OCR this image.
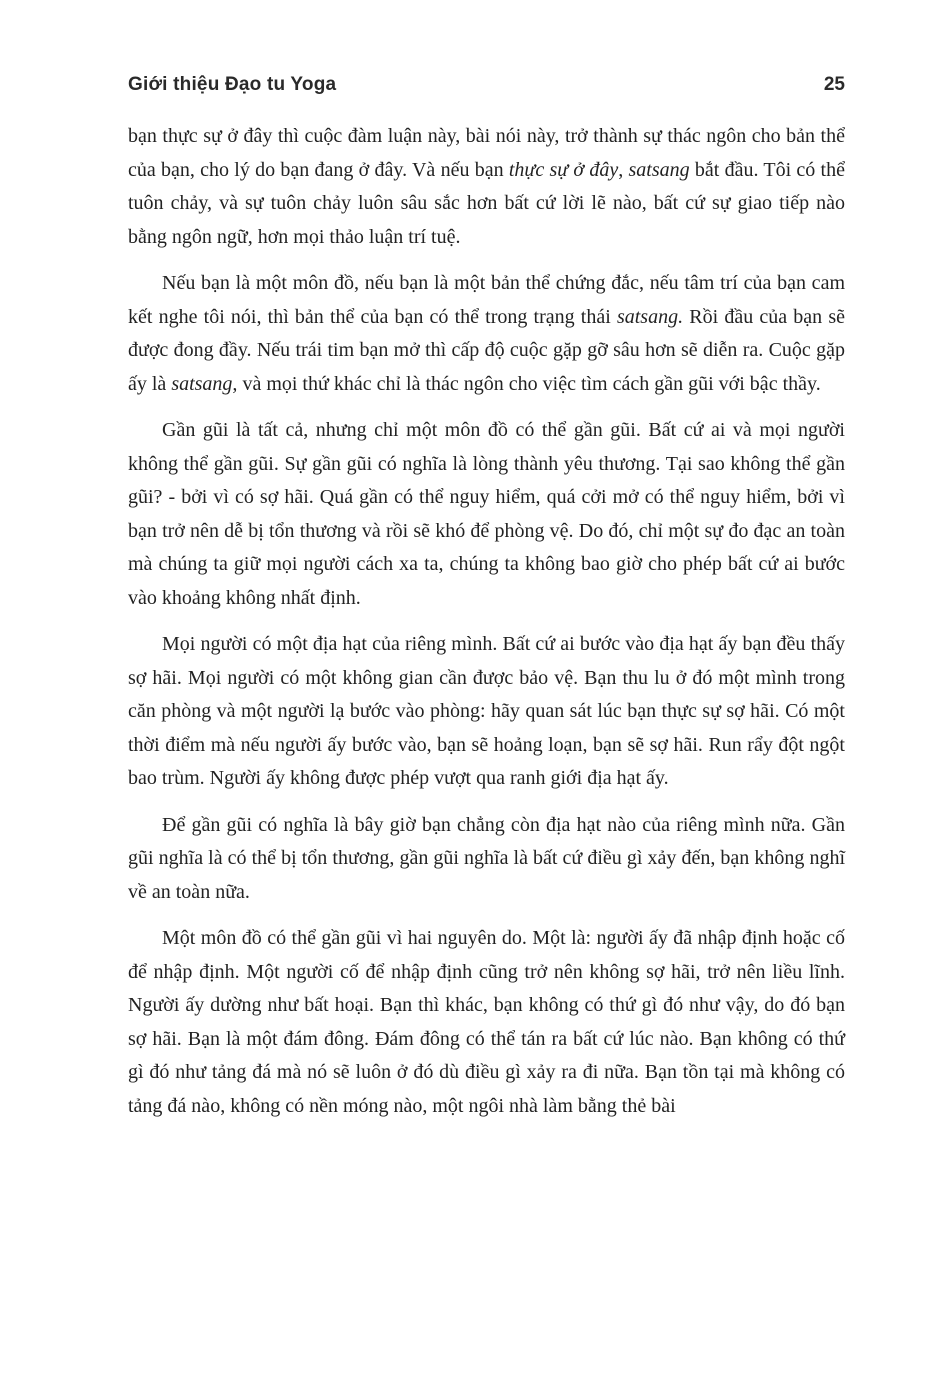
Giới thiệu Đạo tu Yoga	25

bạn thực sự ở đây thì cuộc đàm luận này, bài nói này, trở thành sự thác ngôn cho bản thể của bạn, cho lý do bạn đang ở đây. Và nếu bạn thực sự ở đây, satsang bắt đầu. Tôi có thể tuôn chảy, và sự tuôn chảy luôn sâu sắc hơn bất cứ lời lẽ nào, bất cứ sự giao tiếp nào bằng ngôn ngữ, hơn mọi thảo luận trí tuệ.

Nếu bạn là một môn đồ, nếu bạn là một bản thể chứng đắc, nếu tâm trí của bạn cam kết nghe tôi nói, thì bản thể của bạn có thể trong trạng thái satsang. Rồi đầu của bạn sẽ được đong đầy. Nếu trái tim bạn mở thì cấp độ cuộc gặp gỡ sâu hơn sẽ diễn ra. Cuộc gặp ấy là satsang, và mọi thứ khác chỉ là thác ngôn cho việc tìm cách gần gũi với bậc thầy.

Gần gũi là tất cả, nhưng chỉ một môn đồ có thể gần gũi. Bất cứ ai và mọi người không thể gần gũi. Sự gần gũi có nghĩa là lòng thành yêu thương. Tại sao không thể gần gũi? - bởi vì có sợ hãi. Quá gần có thể nguy hiểm, quá cởi mở có thể nguy hiểm, bởi vì bạn trở nên dễ bị tổn thương và rồi sẽ khó để phòng vệ. Do đó, chỉ một sự đo đạc an toàn mà chúng ta giữ mọi người cách xa ta, chúng ta không bao giờ cho phép bất cứ ai bước vào khoảng không nhất định.

Mọi người có một địa hạt của riêng mình. Bất cứ ai bước vào địa hạt ấy bạn đều thấy sợ hãi. Mọi người có một không gian cần được bảo vệ. Bạn thu lu ở đó một mình trong căn phòng và một người lạ bước vào phòng: hãy quan sát lúc bạn thực sự sợ hãi. Có một thời điểm mà nếu người ấy bước vào, bạn sẽ hoảng loạn, bạn sẽ sợ hãi. Run rẩy đột ngột bao trùm. Người ấy không được phép vượt qua ranh giới địa hạt ấy.

Để gần gũi có nghĩa là bây giờ bạn chẳng còn địa hạt nào của riêng mình nữa. Gần gũi nghĩa là có thể bị tổn thương, gần gũi nghĩa là bất cứ điều gì xảy đến, bạn không nghĩ về an toàn nữa.

Một môn đồ có thể gần gũi vì hai nguyên do. Một là: người ấy đã nhập định hoặc cố để nhập định. Một người cố để nhập định cũng trở nên không sợ hãi, trở nên liều lĩnh. Người ấy dường như bất hoại. Bạn thì khác, bạn không có thứ gì đó như vậy, do đó bạn sợ hãi. Bạn là một đám đông. Đám đông có thể tán ra bất cứ lúc nào. Bạn không có thứ gì đó như tảng đá mà nó sẽ luôn ở đó dù điều gì xảy ra đi nữa. Bạn tồn tại mà không có tảng đá nào, không có nền móng nào, một ngôi nhà làm bằng thẻ bài
